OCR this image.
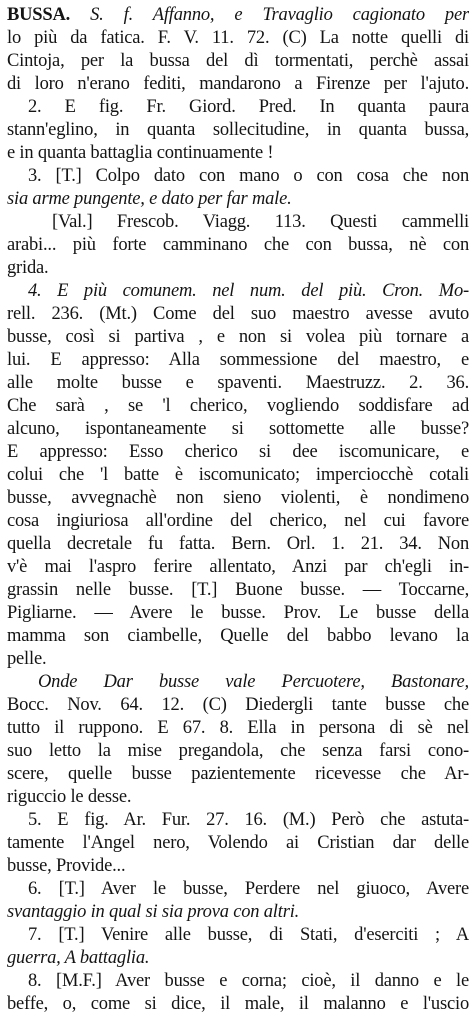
BUSSA. S. f. Affanno, e Travaglio cagionato per
lo più da fatica. F. V. 11. 72. (C) La notte quelli di
Cintoja, per la bussa del dì tormentati, perchè assai
di loro n'erano fediti, mandarono a Firenze per l'ajuto.
2. E fig. Fr. Giord. Pred. In quanta paura
stann'eglino, in quanta sollecitudine, in quanta bussa,
e in quanta battaglia continuamente !
3. [T.] Colpo dato con mano o con cosa che non
sia arme pungente, e dato per far male.
[Val.] Frescob. Viagg. 113. Questi cammelli
arabi... più forte camminano che con bussa, nè con
grida.
4. E più comunem. nel num. del più. Cron. Mo-
rell. 236. (Mt.) Come del suo maestro avesse avuto
busse, così si partiva , e non si volea più tornare a
lui. E appresso: Alla sommessione del maestro, e
alle molte busse e spaventi. Maestruzz. 2. 36.
Che sarà , se 'l cherico, vogliendo soddisfare ad
alcuno, ispontaneamente si sottomette alle busse?
E appresso: Esso cherico si dee iscomunicare, e
colui che 'l batte è iscomunicato; imperciocchè cotali
busse, avvegnachè non sieno violenti, è nondimeno
cosa ingiuriosa all'ordine del cherico, nel cui favore
quella decretale fu fatta. Bern. Orl. 1. 21. 34. Non
v'è mai l'aspro ferire allentato, Anzi par ch'egli in-
grassin nelle busse. [T.] Buone busse. — Toccarne,
Pigliarne. — Avere le busse. Prov. Le busse della
mamma son ciambelle, Quelle del babbo levano la
pelle.
Onde Dar busse vale Percuotere, Bastonare,
Bocc. Nov. 64. 12. (C) Diedergli tante busse che
tutto il ruppono. E 67. 8. Ella in persona di sè nel
suo letto la mise pregandola, che senza farsi cono-
scere, quelle busse pazientemente ricevesse che Ar-
riguccio le desse.
5. E fig. Ar. Fur. 27. 16. (M.) Però che astuta-
tamente l'Angel nero, Volendo ai Cristian dar delle
busse, Provide...
6. [T.] Aver le busse, Perdere nel giuoco, Avere
svantaggio in qual si sia prova con altri.
7. [T.] Venire alle busse, di Stati, d'eserciti ; A
guerra, A battaglia.
8. [M.F.] Aver busse e corna; cioè, il danno e le
beffe, o, come si dice, il male, il malanno e l'uscio
